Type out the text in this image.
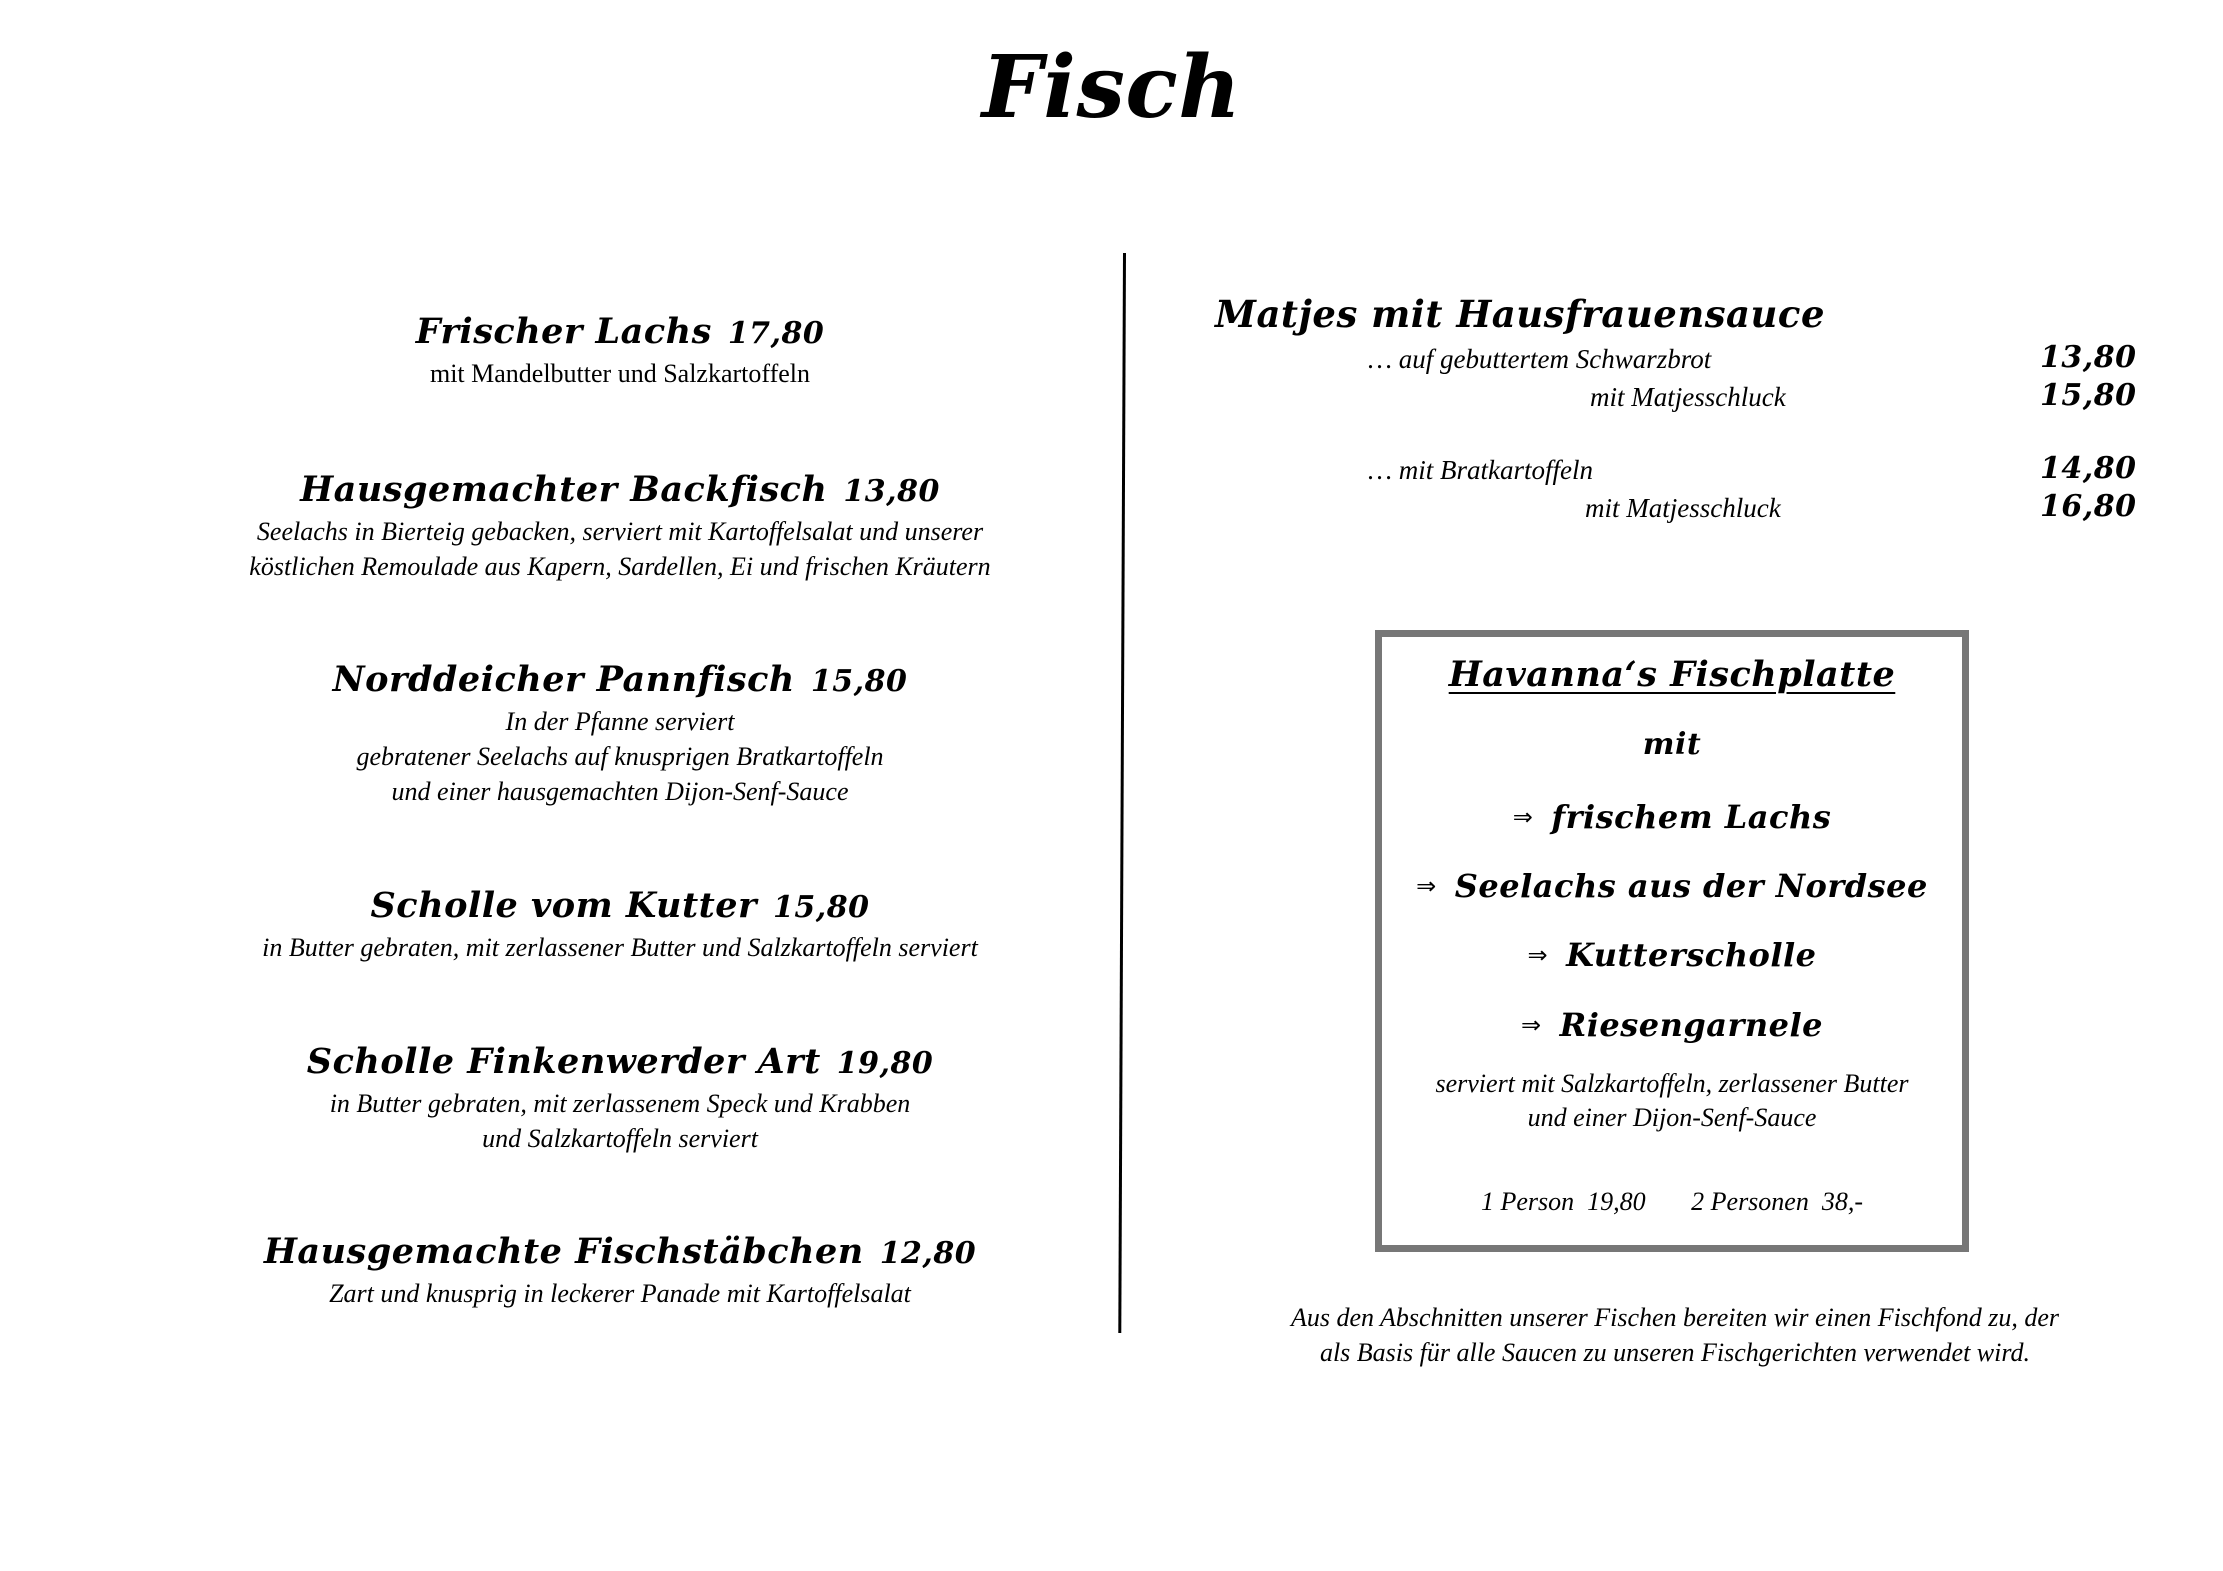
Fisch
Frischer Lachs 17,80
mit Mandelbutter und Salzkartoffeln
Hausgemachter Backfisch 13,80
Seelachs in Bierteig gebacken, serviert mit Kartoffelsalat und unserer
köstlichen Remoulade aus Kapern, Sardellen, Ei und frischen Kräutern
Norddeicher Pannfisch 15,80
In der Pfanne serviert
gebratener Seelachs auf knusprigen Bratkartoffeln
und einer hausgemachten Dijon-Senf-Sauce
Scholle vom Kutter 15,80
in Butter gebraten, mit zerlassener Butter und Salzkartoffeln serviert
Scholle Finkenwerder Art 19,80
in Butter gebraten, mit zerlassenem Speck und Krabben
und Salzkartoffeln serviert
Hausgemachte Fischstäbchen 12,80
Zart und knusprig in leckerer Panade mit Kartoffelsalat
Matjes mit Hausfrauensauce
… auf gebuttertem Schwarzbrot	13,80
mit Matjesschluck	15,80
… mit Bratkartoffeln	14,80
mit Matjesschluck	16,80
Havanna‘s Fischplatte
mit
⇒ frischem Lachs
⇒ Seelachs aus der Nordsee
⇒ Kutterscholle
⇒ Riesengarnele
serviert mit Salzkartoffeln, zerlassener Butter
und einer Dijon-Senf-Sauce
1 Person  19,80       2 Personen  38,-
Aus den Abschnitten unserer Fischen bereiten wir einen Fischfond zu, der
als Basis für alle Saucen zu unseren Fischgerichten verwendet wird.
